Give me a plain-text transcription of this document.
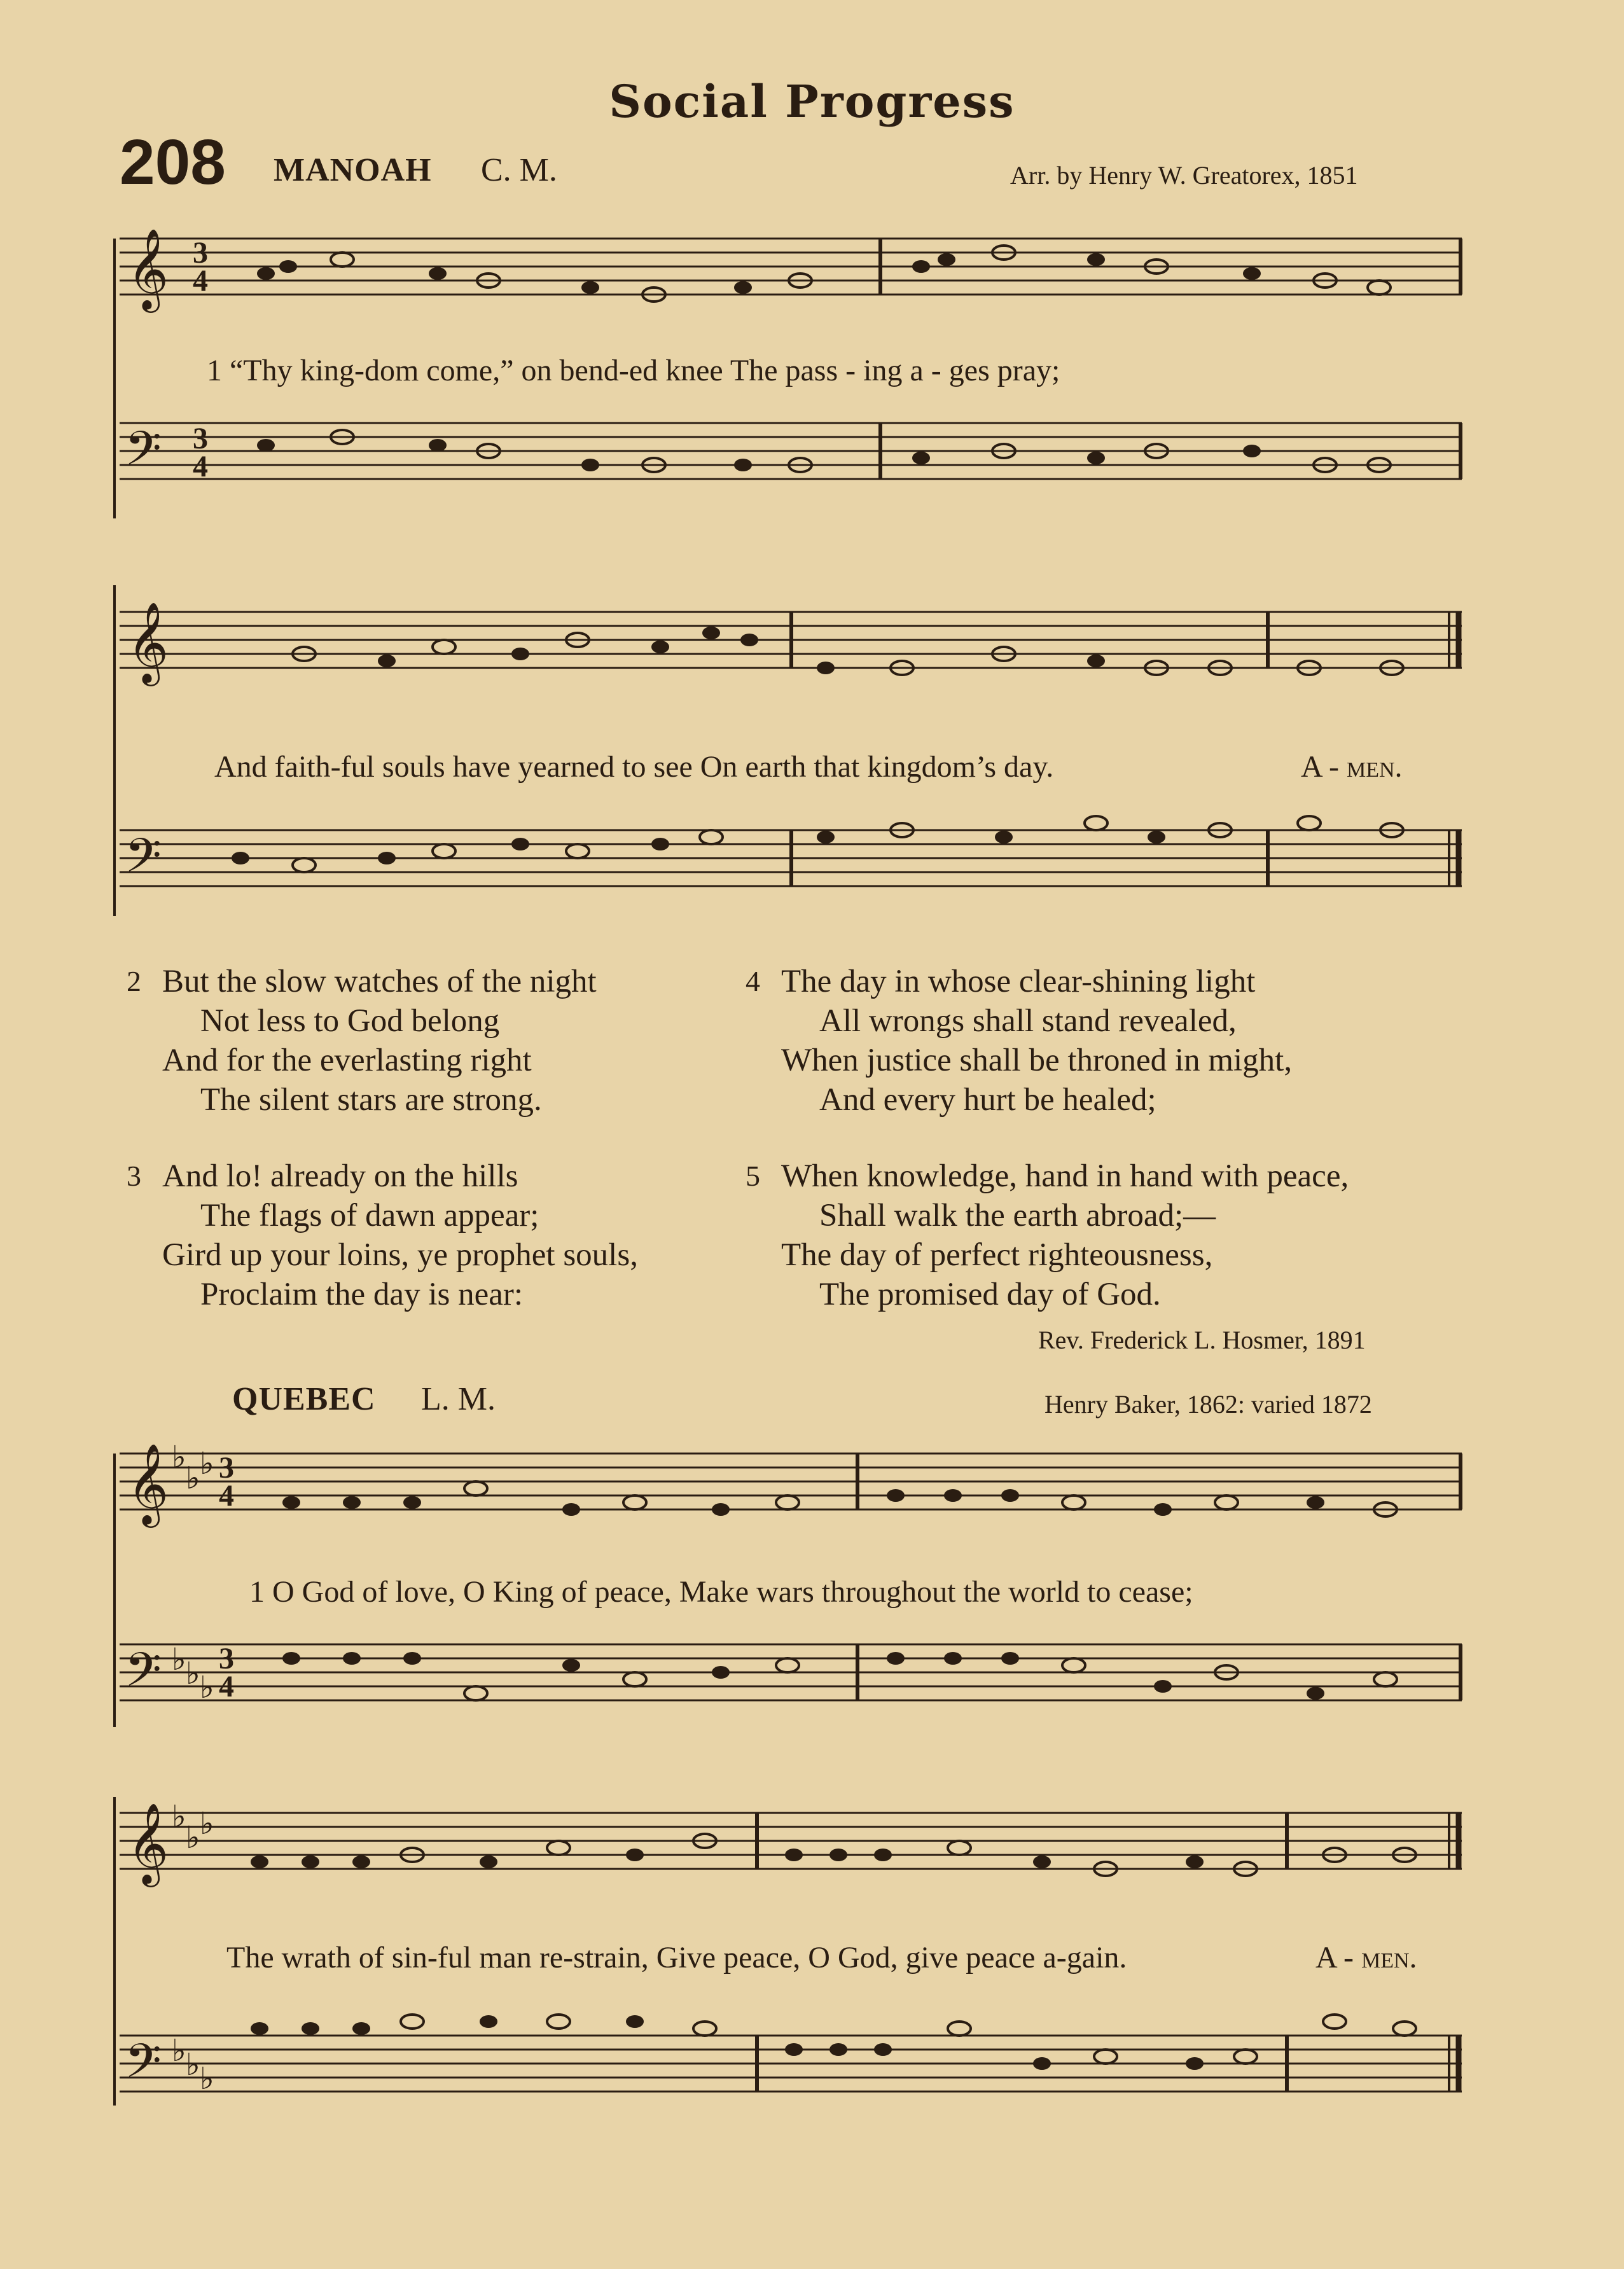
Social Progress
208 MANOAH C. M.	Arr. by Henry W. Greatorex, 1851
𝄞
𝄢
3
4
3
4
1 “Thy king-dom come,” on bend-ed knee The pass - ing a - ges pray;
𝄞
𝄢
And faith-ful souls have yearned to see On earth that kingdom’s day.	A - men.
2 But the slow watches of the night
Not less to God belong
And for the everlasting right
The silent stars are strong.
3 And lo! already on the hills
The flags of dawn appear;
Gird up your loins, ye prophet souls,
Proclaim the day is near:
4 The day in whose clear-shining light
All wrongs shall stand revealed,
When justice shall be throned in might,
And every hurt be healed;
5 When knowledge, hand in hand with peace,
Shall walk the earth abroad;—
The day of perfect righteousness,
The promised day of God.
Rev. Frederick L. Hosmer, 1891
QUEBEC L. M.	Henry Baker, 1862: varied 1872
𝄞
𝄢
♭
♭ ♭ 3
4
♭ ♭ ♭
3
4
1 O God of love, O King of peace, Make wars throughout the world to cease;
𝄞
𝄢
♭
♭ ♭
♭ ♭ ♭
The wrath of sin-ful man re-strain, Give peace, O God, give peace a-gain.	A - men.
